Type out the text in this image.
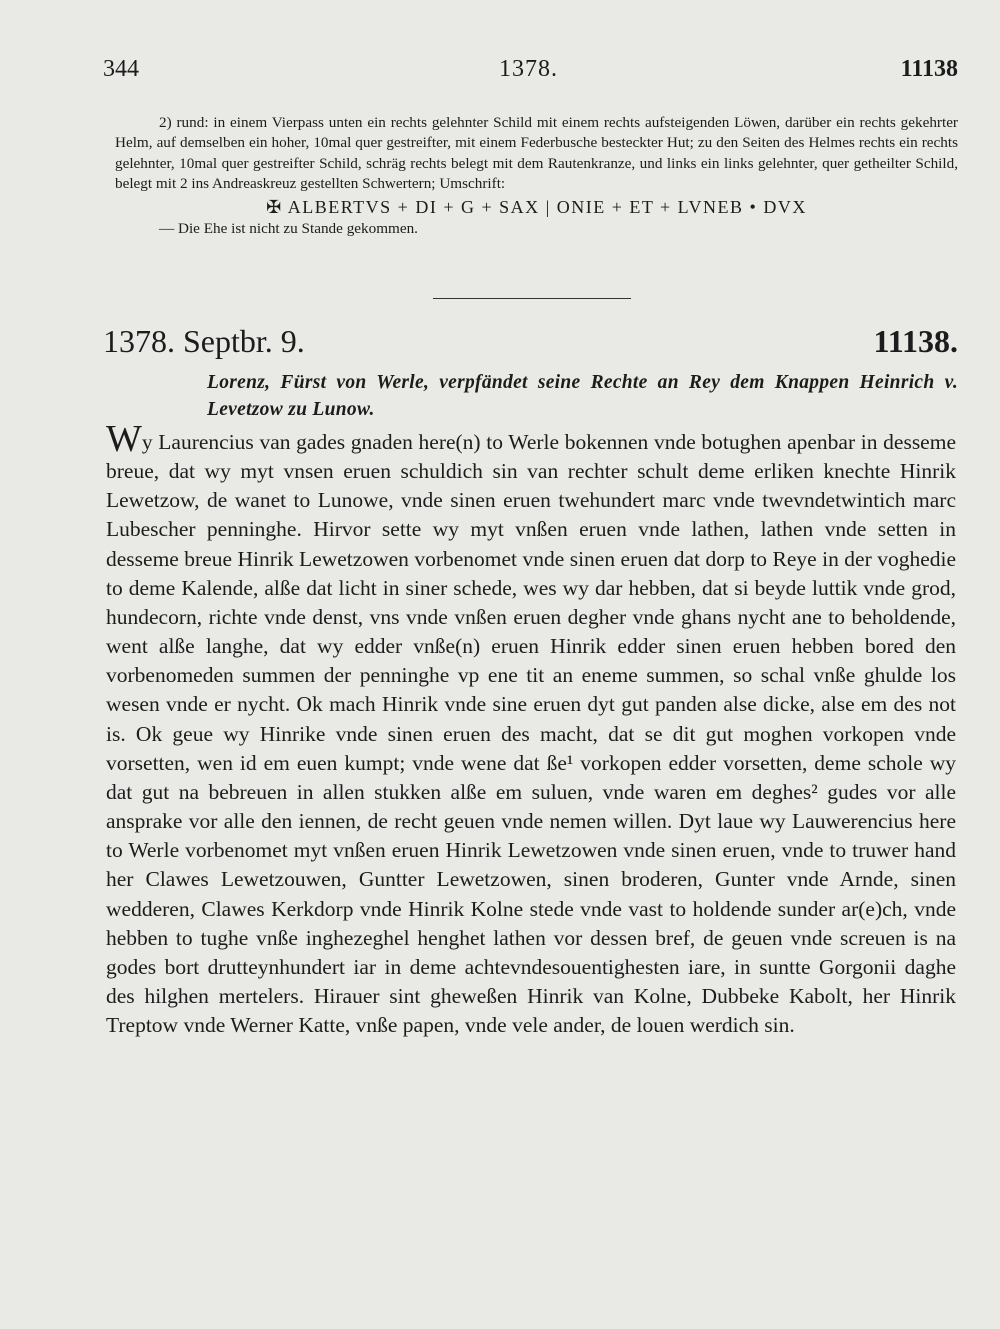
344	1378.	11138

2) rund: in einem Vierpass unten ein rechts gelehnter Schild mit einem rechts aufsteigenden Löwen, darüber ein rechts gekehrter Helm, auf demselben ein hoher, 10mal quer gestreifter, mit einem Federbusche besteckter Hut; zu den Seiten des Helmes rechts ein rechts gelehnter, 10mal quer gestreifter Schild, schräg rechts belegt mit dem Rautenkranze, und links ein links gelehnter, quer getheilter Schild, belegt mit 2 ins Andreaskreuz gestellten Schwertern; Umschrift:

✠ ALBERTVS + DI + G + SAX | ONIE + ET + LVNEB • DVX

— Die Ehe ist nicht zu Stande gekommen.

1378. Septbr. 9.	11138.

Lorenz, Fürst von Werle, verpfändet seine Rechte an Rey dem Knappen Heinrich v. Levetzow zu Lunow.

Wy Laurencius van gades gnaden here(n) to Werle bokennen vnde botughen apenbar in desseme breue, dat wy myt vnsen eruen schuldich sin van rechter schult deme erliken knechte Hinrik Lewetzow, de wanet to Lunowe, vnde sinen eruen twehundert marc vnde twevndetwintich marc Lubescher penninghe. Hirvor sette wy myt vnßen eruen vnde lathen, lathen vnde setten in desseme breue Hinrik Lewetzowen vorbenomet vnde sinen eruen dat dorp to Reye in der voghedie to deme Kalende, alße dat licht in siner schede, wes wy dar hebben, dat si beyde luttik vnde grod, hundecorn, richte vnde denst, vns vnde vnßen eruen degher vnde ghans nycht ane to beholdende, went alße langhe, dat wy edder vnße(n) eruen Hinrik edder sinen eruen hebben bored den vorbenomeden summen der penninghe vp ene tit an eneme summen, so schal vnße ghulde los wesen vnde er nycht. Ok mach Hinrik vnde sine eruen dyt gut panden alse dicke, alse em des not is. Ok geue wy Hinrike vnde sinen eruen des macht, dat se dit gut moghen vorkopen vnde vorsetten, wen id em euen kumpt; vnde wene dat ße¹ vorkopen edder vorsetten, deme schole wy dat gut na bebreuen in allen stukken alße em suluen, vnde waren em deghes² gudes vor alle ansprake vor alle den iennen, de recht geuen vnde nemen willen. Dyt laue wy Lauwerencius here to Werle vorbenomet myt vnßen eruen Hinrik Lewetzowen vnde sinen eruen, vnde to truwer hand her Clawes Lewetzouwen, Guntter Lewetzowen, sinen broderen, Gunter vnde Arnde, sinen wedderen, Clawes Kerkdorp vnde Hinrik Kolne stede vnde vast to holdende sunder ar(e)ch, vnde hebben to tughe vnße inghezeghel henghet lathen vor dessen bref, de geuen vnde screuen is na godes bort drutteynhundert iar in deme achtevndesouentighesten iare, in suntte Gorgonii daghe des hilghen mertelers. Hirauer sint gheweßen Hinrik van Kolne, Dubbeke Kabolt, her Hinrik Treptow vnde Werner Katte, vnße papen, vnde vele ander, de louen werdich sin.
